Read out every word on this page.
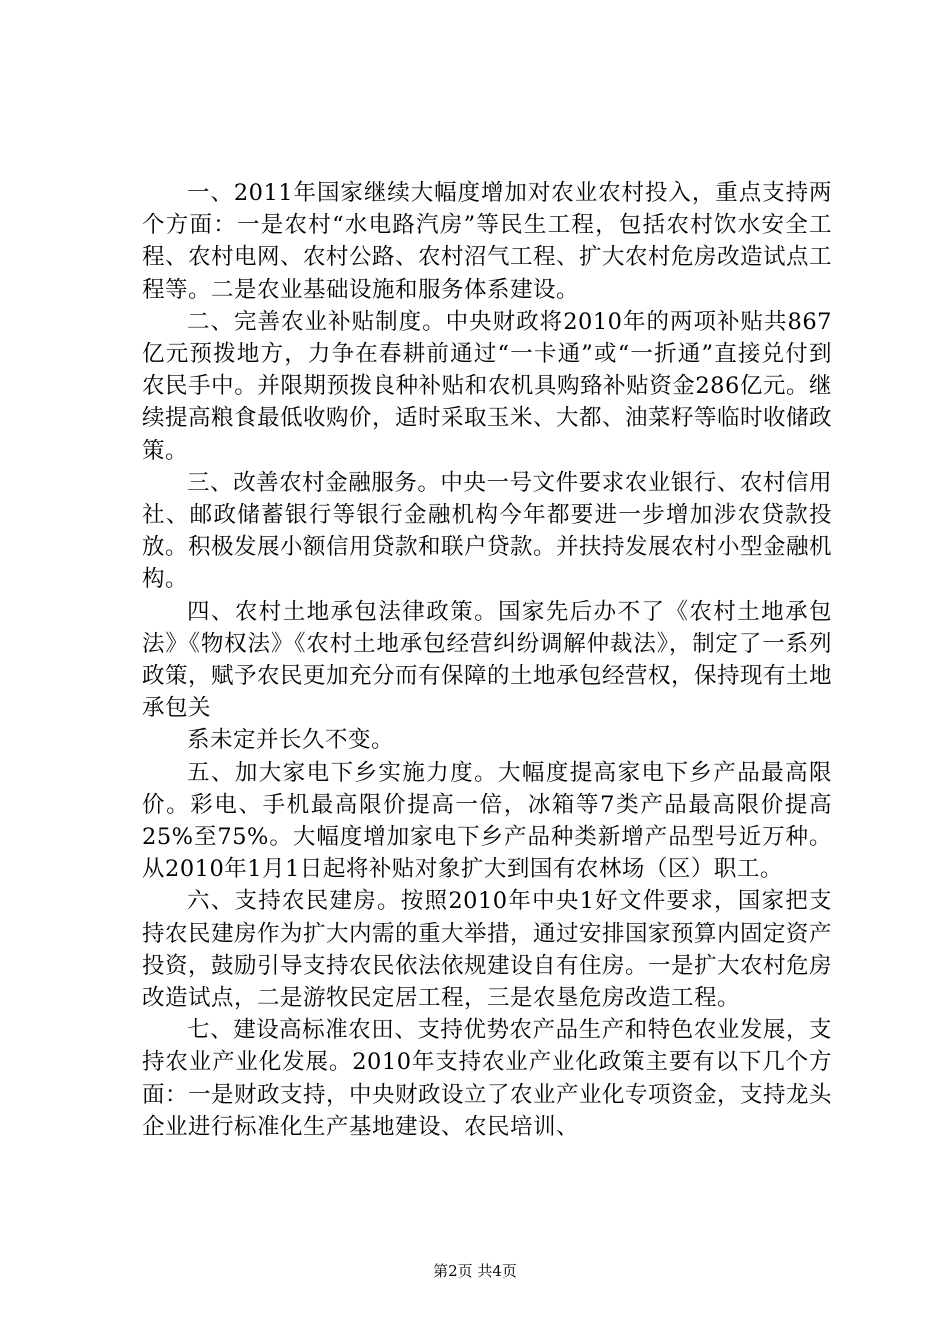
一、2011年国家继续大幅度增加对农业农村投入，重点支持两个方面：一是农村“水电路汽房”等民生工程，包括农村饮水安全工程、农村电网、农村公路、农村沼气工程、扩大农村危房改造试点工程等。二是农业基础设施和服务体系建设。

二、完善农业补贴制度。中央财政将2010年的两项补贴共867亿元预拨地方，力争在春耕前通过“一卡通”或“一折通”直接兑付到农民手中。并限期预拨良种补贴和农机具购臵补贴资金286亿元。继续提高粮食最低收购价，适时采取玉米、大都、油菜籽等临时收储政策。

三、改善农村金融服务。中央一号文件要求农业银行、农村信用社、邮政储蓄银行等银行金融机构今年都要进一步增加涉农贷款投放。积极发展小额信用贷款和联户贷款。并扶持发展农村小型金融机构。

四、农村土地承包法律政策。国家先后办不了《农村土地承包法》《物权法》《农村土地承包经营纠纷调解仲裁法》，制定了一系列政策，赋予农民更加充分而有保障的土地承包经营权，保持现有土地承包关

系未定并长久不变。

五、加大家电下乡实施力度。大幅度提高家电下乡产品最高限价。彩电、手机最高限价提高一倍，冰箱等7类产品最高限价提高25%至75%。大幅度增加家电下乡产品种类新增产品型号近万种。从2010年1月1日起将补贴对象扩大到国有农林场（区）职工。

六、支持农民建房。按照2010年中央1好文件要求，国家把支持农民建房作为扩大内需的重大举措，通过安排国家预算内固定资产投资，鼓励引导支持农民依法依规建设自有住房。一是扩大农村危房改造试点，二是游牧民定居工程，三是农垦危房改造工程。

七、建设高标准农田、支持优势农产品生产和特色农业发展，支持农业产业化发展。2010年支持农业产业化政策主要有以下几个方面：一是财政支持，中央财政设立了农业产业化专项资金，支持龙头企业进行标准化生产基地建设、农民培训、

第2页 共4页
